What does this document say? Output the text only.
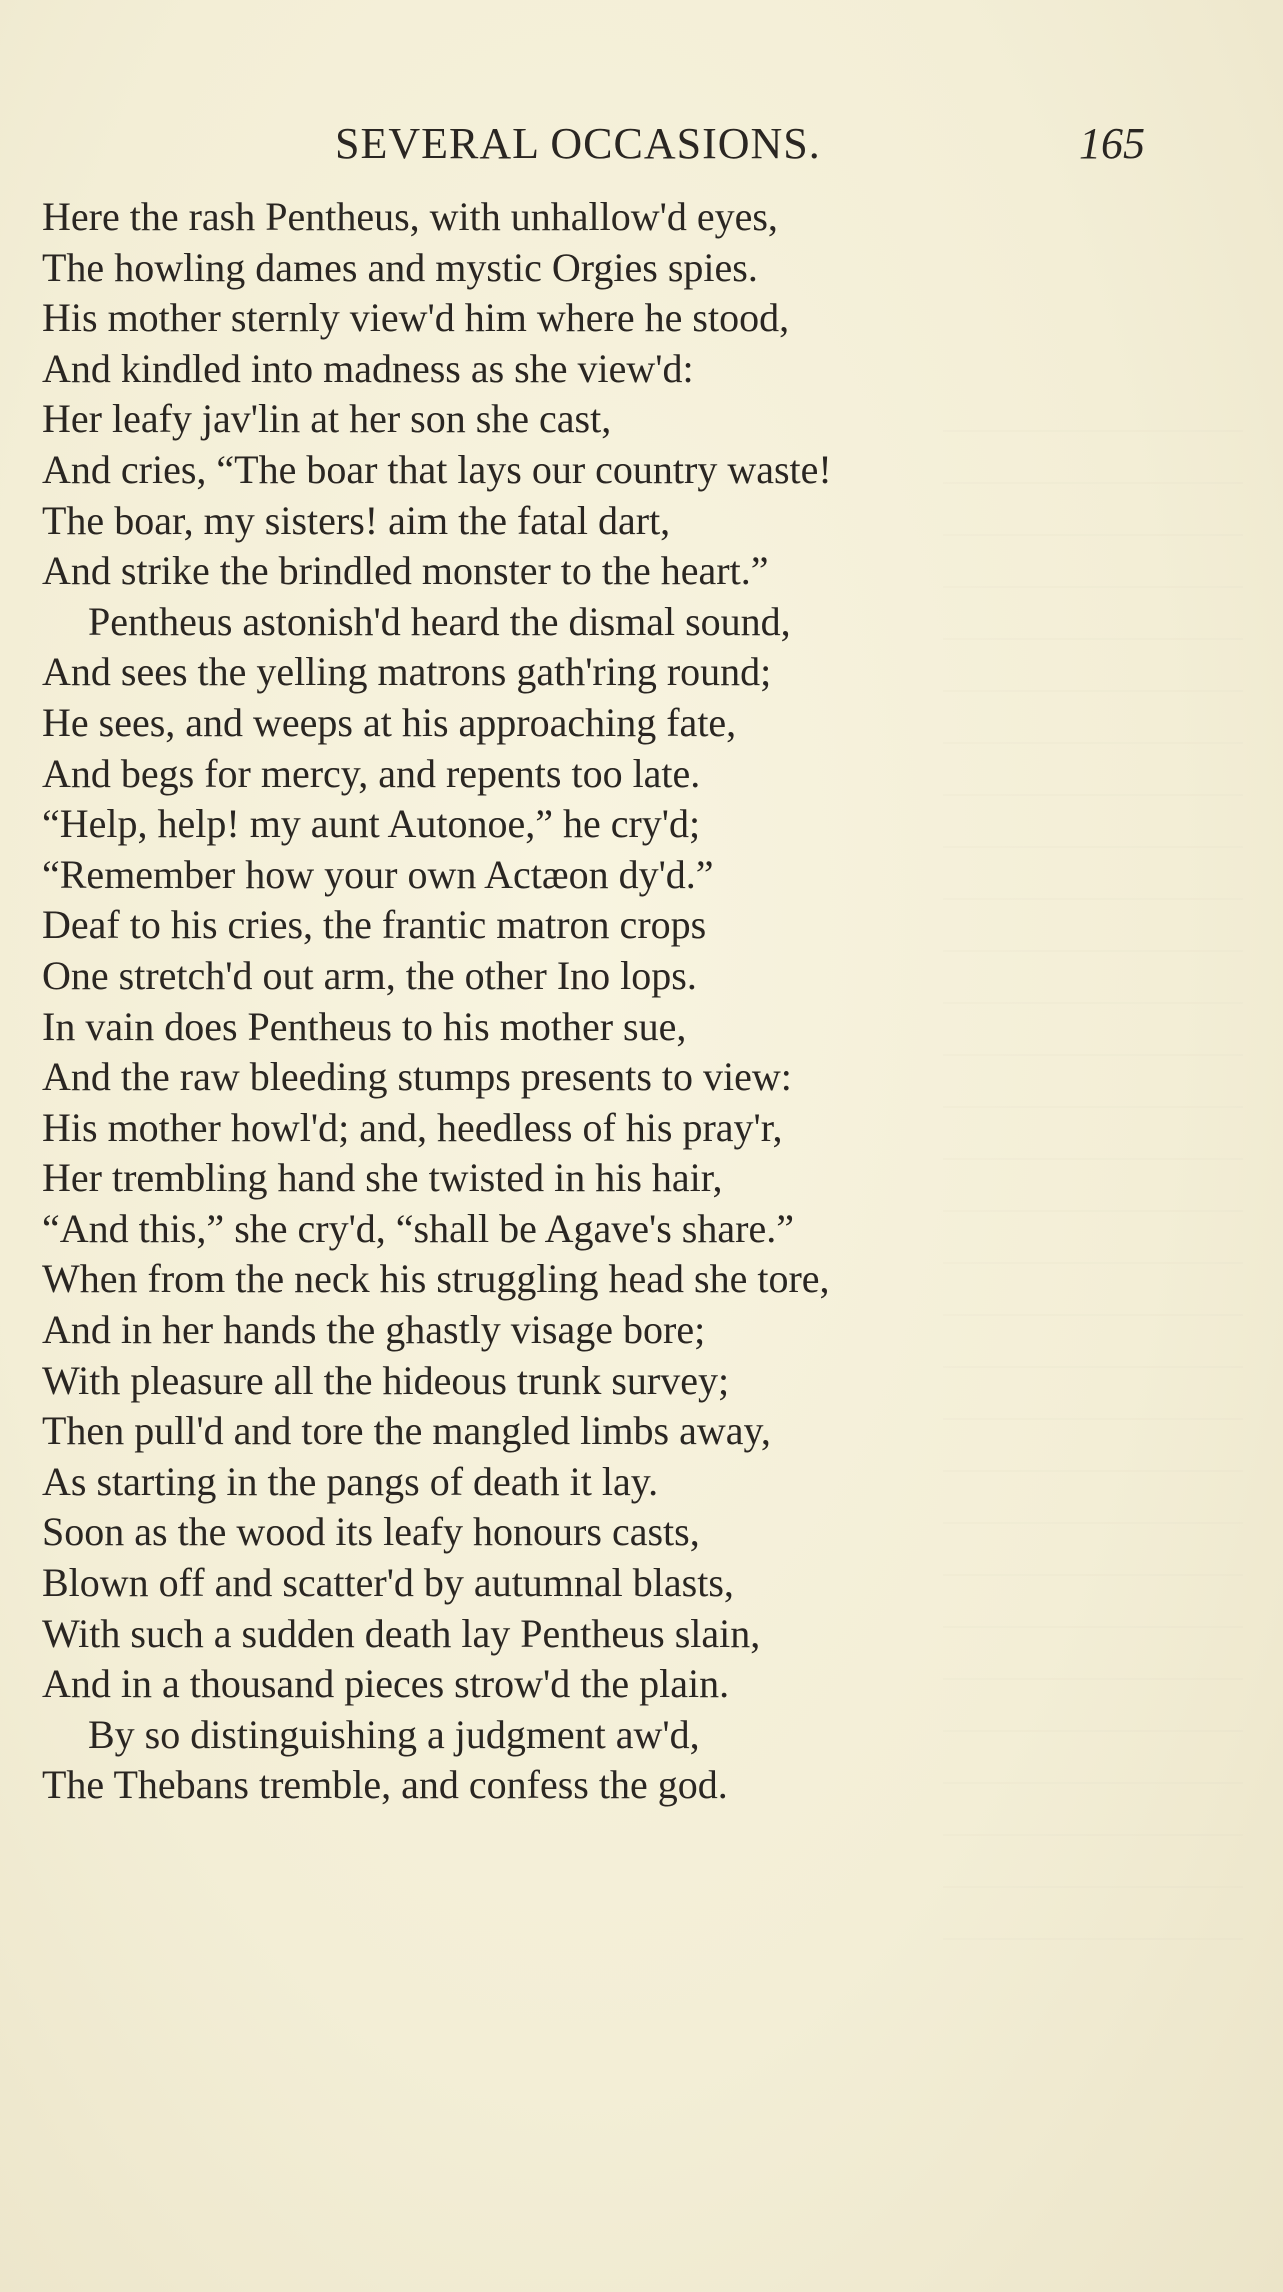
SEVERAL OCCASIONS.	165
Here the rash Pentheus, with unhallow'd eyes,
The howling dames and mystic Orgies spies.
His mother sternly view'd him where he stood,
And kindled into madness as she view'd:
Her leafy jav'lin at her son she cast,
And cries, “The boar that lays our country waste!
The boar, my sisters! aim the fatal dart,
And strike the brindled monster to the heart.”
Pentheus astonish'd heard the dismal sound,
And sees the yelling matrons gath'ring round;
He sees, and weeps at his approaching fate,
And begs for mercy, and repents too late.
“Help, help! my aunt Autonoe,” he cry'd;
“Remember how your own Actæon dy'd.”
Deaf to his cries, the frantic matron crops
One stretch'd out arm, the other Ino lops.
In vain does Pentheus to his mother sue,
And the raw bleeding stumps presents to view:
His mother howl'd; and, heedless of his pray'r,
Her trembling hand she twisted in his hair,
“And this,” she cry'd, “shall be Agave's share.”
When from the neck his struggling head she tore,
And in her hands the ghastly visage bore;
With pleasure all the hideous trunk survey;
Then pull'd and tore the mangled limbs away,
As starting in the pangs of death it lay.
Soon as the wood its leafy honours casts,
Blown off and scatter'd by autumnal blasts,
With such a sudden death lay Pentheus slain,
And in a thousand pieces strow'd the plain.
By so distinguishing a judgment aw'd,
The Thebans tremble, and confess the god.
